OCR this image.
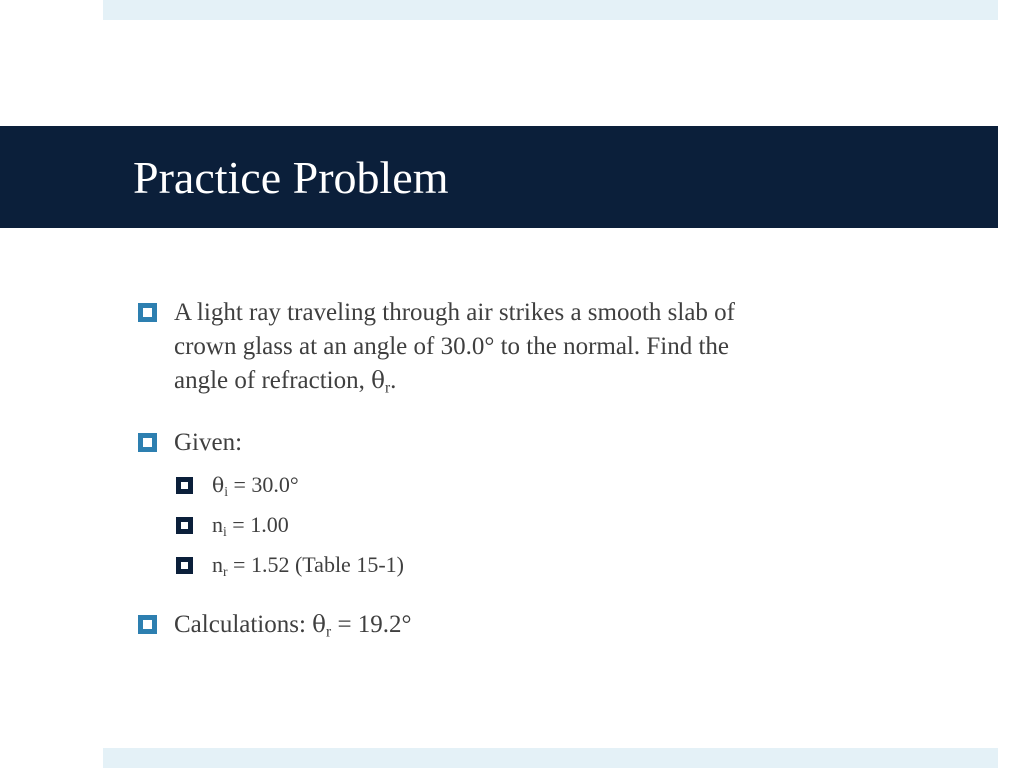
Practice Problem
A light ray traveling through air strikes a smooth slab of
crown glass at an angle of 30.0° to the normal. Find the
angle of refraction, $\theta_r$.
Given:
$\theta_i = 30.0^\circ$
$n_i = 1.00$
$n_r = 1.52$ (Table 15-1)
Calculations: $\theta_r = 19.2^\circ$
